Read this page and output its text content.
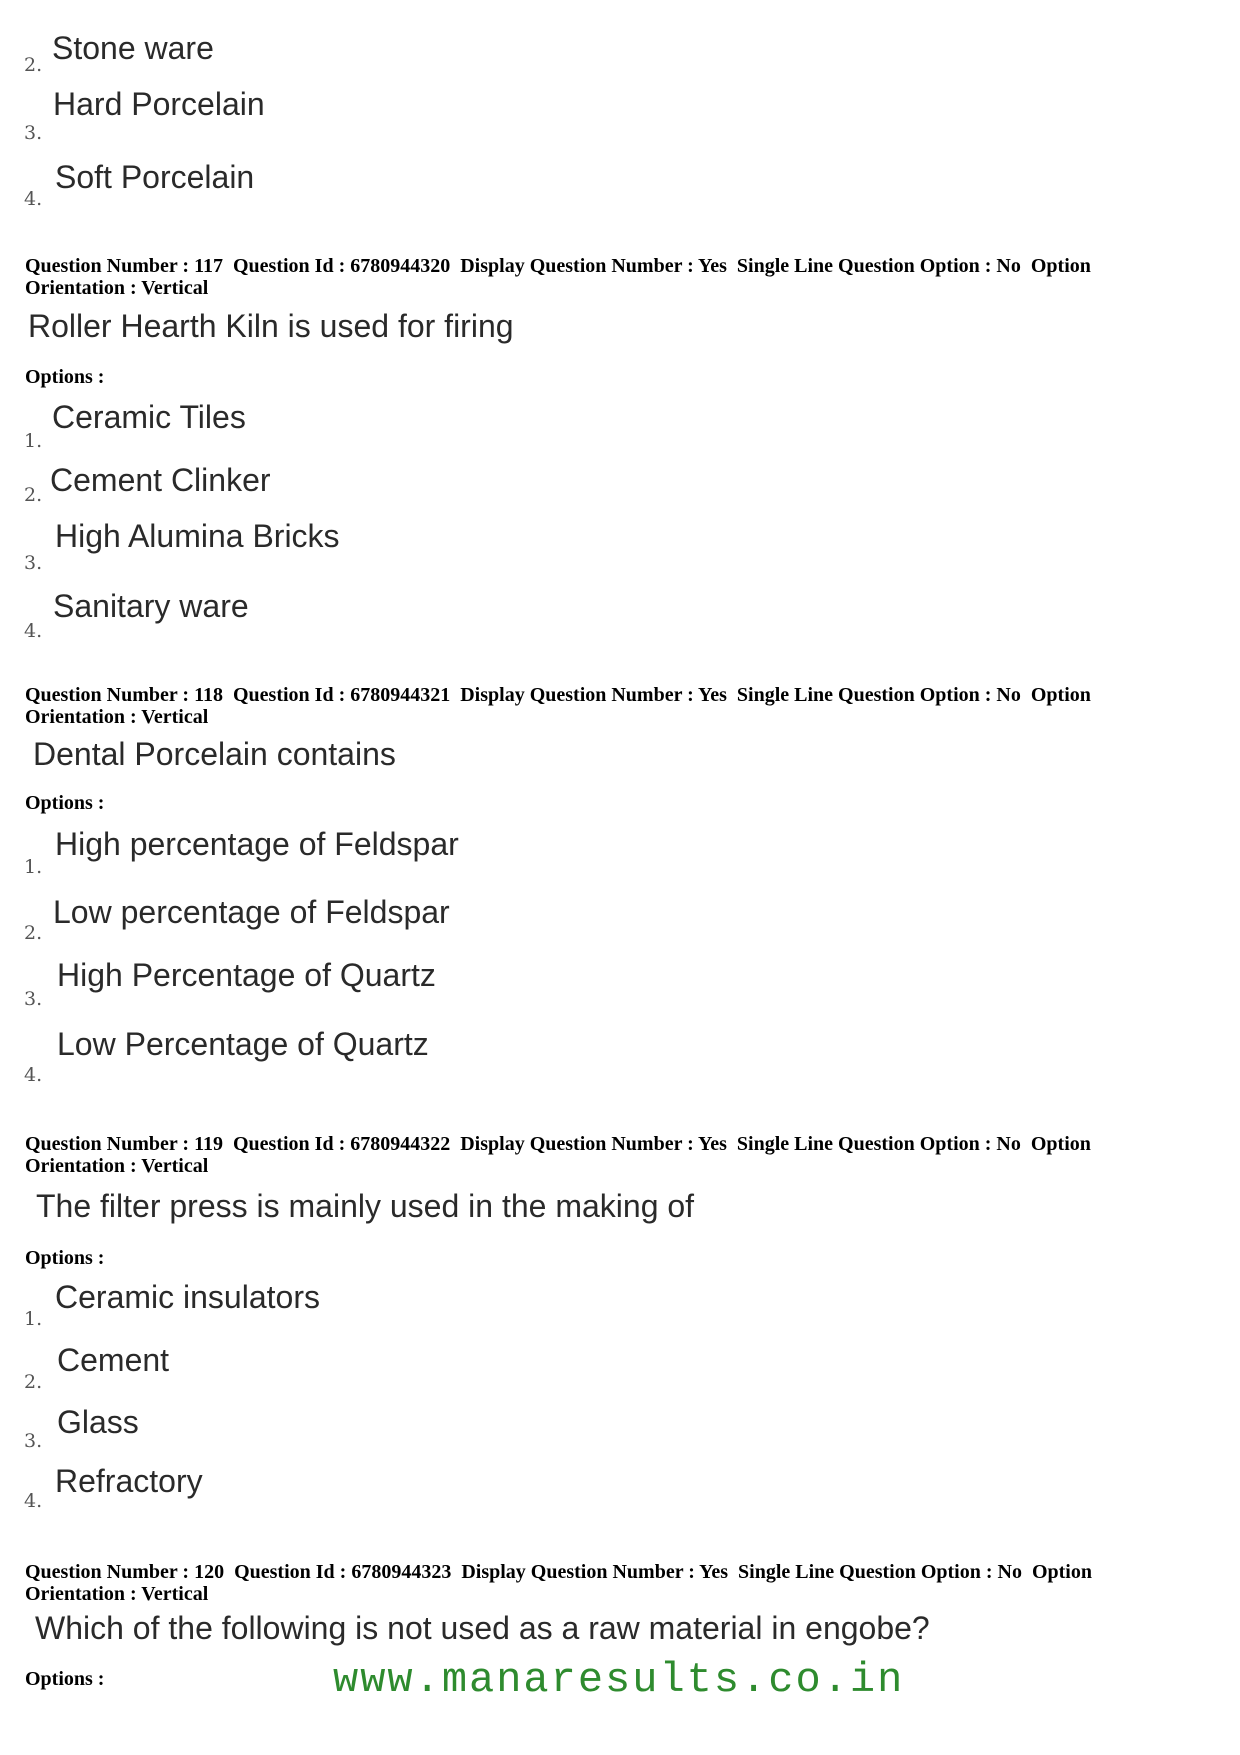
2. Stone ware
3.
Hard Porcelain
4.
Soft Porcelain
Question Number : 117  Question Id : 6780944320  Display Question Number : Yes  Single Line Question Option : No  Option
Orientation : Vertical
Roller Hearth Kiln is used for firing
Options :
1.
Ceramic Tiles
2. Cement Clinker
3.
High Alumina Bricks
4.
Sanitary ware
Question Number : 118  Question Id : 6780944321  Display Question Number : Yes  Single Line Question Option : No  Option
Orientation : Vertical
Dental Porcelain contains
Options :
1.
High percentage of Feldspar
2.
Low percentage of Feldspar
3.
High Percentage of Quartz
4.
Low Percentage of Quartz
Question Number : 119  Question Id : 6780944322  Display Question Number : Yes  Single Line Question Option : No  Option
Orientation : Vertical
The filter press is mainly used in the making of
Options :
1.
Ceramic insulators
2.
Cement
3.
Glass
4.
Refractory
Question Number : 120  Question Id : 6780944323  Display Question Number : Yes  Single Line Question Option : No  Option
Orientation : Vertical
Which of the following is not used as a raw material in engobe?
Options :	www.manaresults.co.in
